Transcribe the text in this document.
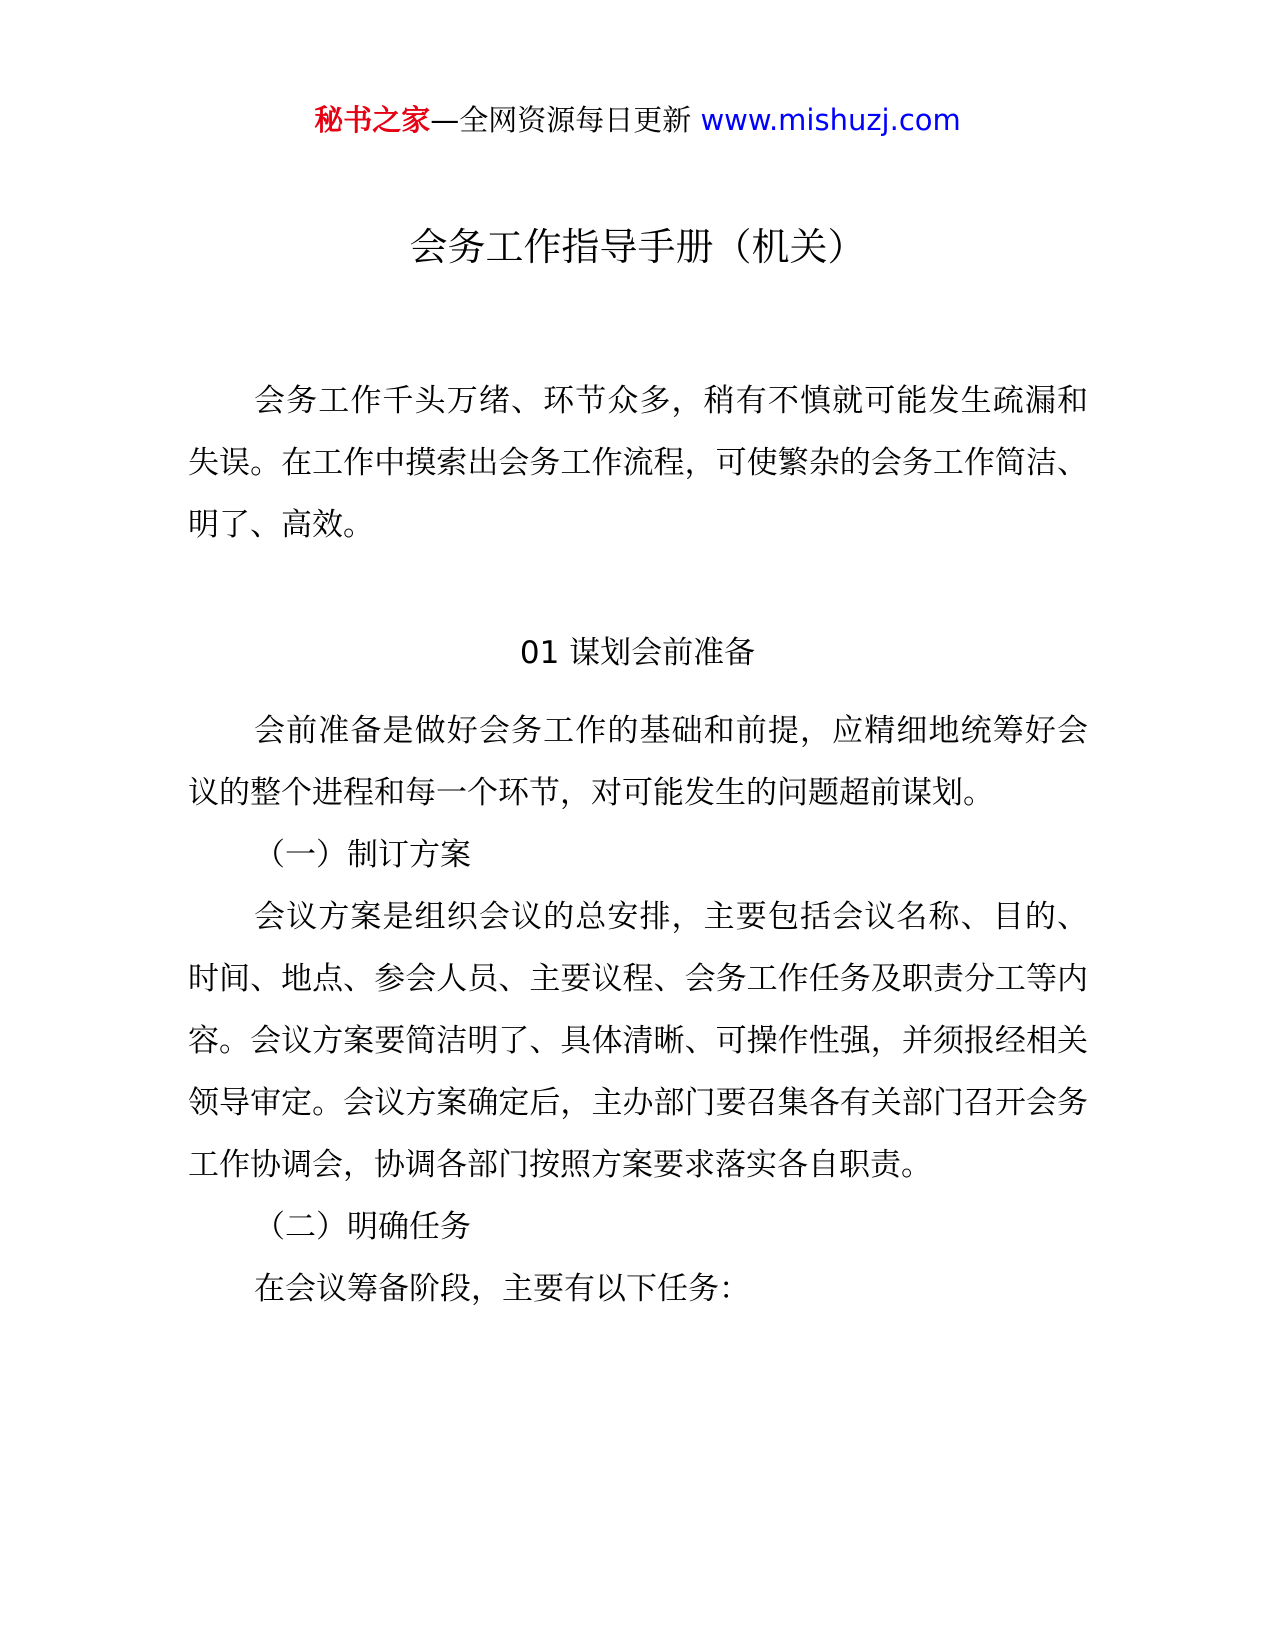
秘书之家—全网资源每日更新 www.mishuzj.com
会务工作指导手册（机关）

会务工作千头万绪、环节众多，稍有不慎就可能发生疏漏和失误。在工作中摸索出会务工作流程，可使繁杂的会务工作简洁、明了、高效。

01 谋划会前准备

会前准备是做好会务工作的基础和前提，应精细地统筹好会议的整个进程和每一个环节，对可能发生的问题超前谋划。

（一）制订方案

会议方案是组织会议的总安排，主要包括会议名称、目的、时间、地点、参会人员、主要议程、会务工作任务及职责分工等内容。会议方案要简洁明了、具体清晰、可操作性强，并须报经相关领导审定。会议方案确定后，主办部门要召集各有关部门召开会务工作协调会，协调各部门按照方案要求落实各自职责。

（二）明确任务

在会议筹备阶段，主要有以下任务：
